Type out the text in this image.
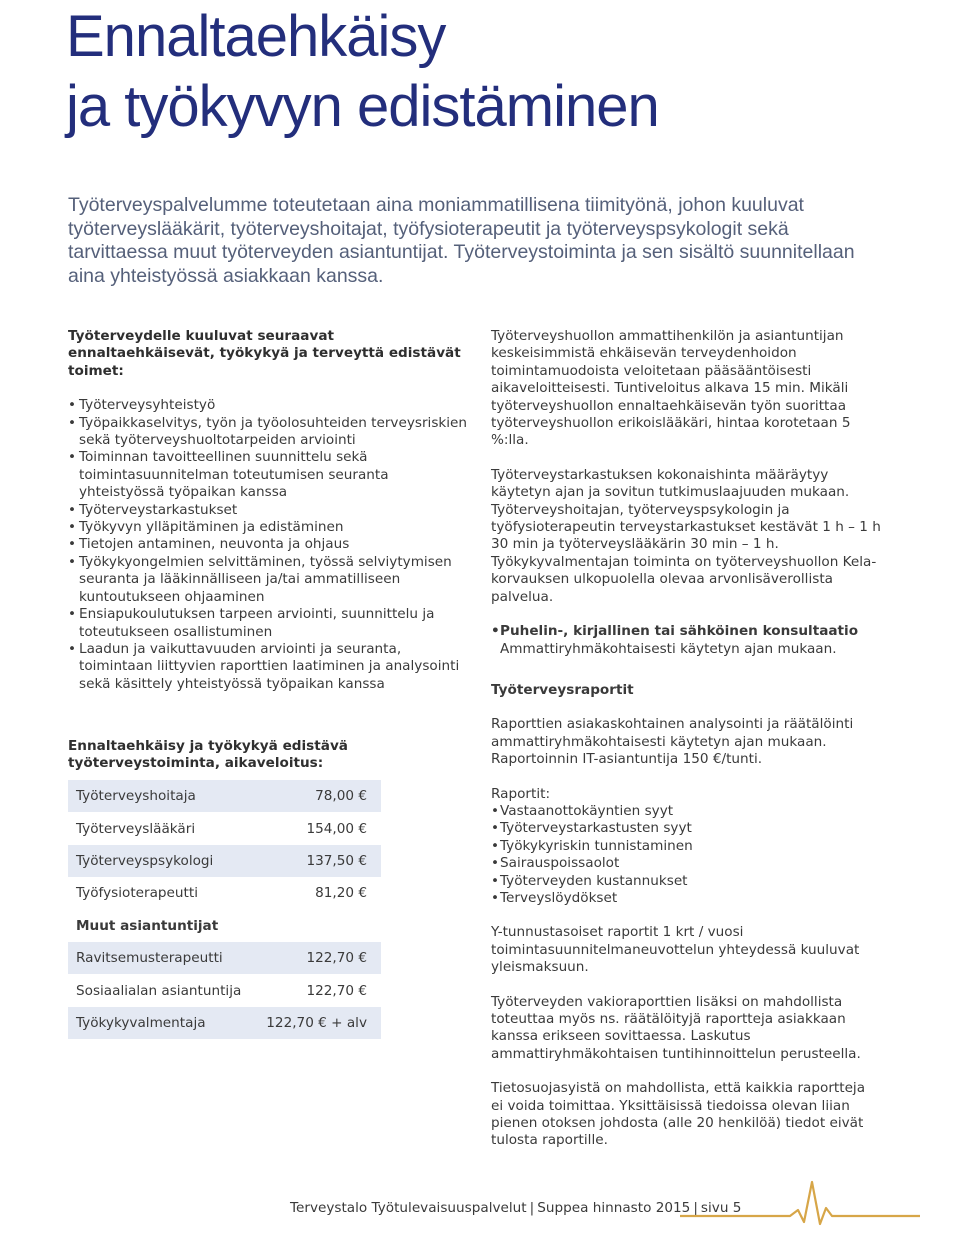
Ennaltaehkäisy
ja työkyvyn edistäminen

Työterveyspalvelumme toteutetaan aina moniammatillisena tiimityönä, johon kuuluvat työterveyslääkärit, työterveyshoitajat, työfysioterapeutit ja työterveyspsykologit sekä tarvittaessa muut työterveyden asiantuntijat. Työterveystoiminta ja sen sisältö suunnitellaan aina yhteistyössä asiakkaan kanssa.

Työterveydelle kuuluvat seuraavat ennaltaehkäisevät, työkykyä ja terveyttä edistävät toimet:

• Työterveysyhteistyö
• Työpaikkaselvitys, työn ja työolosuhteiden terveysriskien sekä työterveyshuoltotarpeiden arviointi
• Toiminnan tavoitteellinen suunnittelu sekä toimintasuunnitelman toteutumisen seuranta yhteistyössä työpaikan kanssa
• Työterveystarkastukset
• Työkyvyn ylläpitäminen ja edistäminen
• Tietojen antaminen, neuvonta ja ohjaus
• Työkykyongelmien selvittäminen, työssä selviytymisen seuranta ja lääkinnälliseen ja/tai ammatilliseen kuntoutukseen ohjaaminen
• Ensiapukoulutuksen tarpeen arviointi, suunnittelu ja toteutukseen osallistuminen
• Laadun ja vaikuttavuuden arviointi ja seuranta, toimintaan liittyvien raporttien laatiminen ja analysointi sekä käsittely yhteistyössä työpaikan kanssa

Ennaltaehkäisy ja työkykyä edistävä työterveystoiminta, aikaveloitus:

Työterveyshoitaja	78,00 €
Työterveyslääkäri	154,00 €
Työterveyspsykologi	137,50 €
Työfysioterapeutti	81,20 €
Muut asiantuntijat
Ravitsemusterapeutti	122,70 €
Sosiaalialan asiantuntija	122,70 €
Työkykyvalmentaja	122,70 € + alv

Työterveyshuollon ammattihenkilön ja asiantuntijan keskeisimmistä ehkäisevän terveydenhoidon toimintamuodoista veloitetaan pääsääntöisesti aikaveloitteisesti. Tuntiveloitus alkava 15 min. Mikäli työterveyshuollon ennaltaehkäisevän työn suorittaa työterveyshuollon erikoislääkäri, hintaa korotetaan 5 %:lla.

Työterveystarkastuksen kokonaishinta määräytyy käytetyn ajan ja sovitun tutkimuslaajuuden mukaan. Työterveyshoitajan, työterveyspsykologin ja työfysioterapeutin terveystarkastukset kestävät 1 h – 1 h 30 min ja työterveyslääkärin 30 min – 1 h. Työkykyvalmentajan toiminta on työterveyshuollon Kela-korvauksen ulkopuolella olevaa arvonlisäverollista palvelua.

• Puhelin-, kirjallinen tai sähköinen konsultaatio

Ammattiryhmäkohtaisesti käytetyn ajan mukaan.

Työterveysraportit

Raporttien asiakaskohtainen analysointi ja räätälöinti ammattiryhmäkohtaisesti käytetyn ajan mukaan. Raportoinnin IT-asiantuntija 150 €/tunti.

Raportit:

• Vastaanottokäyntien syyt
• Työterveystarkastusten syyt
• Työkykyriskin tunnistaminen
• Sairauspoissaolot
• Työterveyden kustannukset
• Terveyslöydökset

Y-tunnustasoiset raportit 1 krt / vuosi toimintasuunnitelmaneuvottelun yhteydessä kuuluvat yleismaksuun.

Työterveyden vakioraporttien lisäksi on mahdollista toteuttaa myös ns. räätälöityjä raportteja asiakkaan kanssa erikseen sovittaessa. Laskutus ammattiryhmäkohtaisen tuntihinnoittelun perusteella.

Tietosuojasyistä on mahdollista, että kaikkia raportteja ei voida toimittaa. Yksittäisissä tiedoissa olevan liian pienen otoksen johdosta (alle 20 henkilöä) tiedot eivät tulosta raportille.

Terveystalo Työtulevaisuuspalvelut | Suppea hinnasto 2015 | sivu 5
